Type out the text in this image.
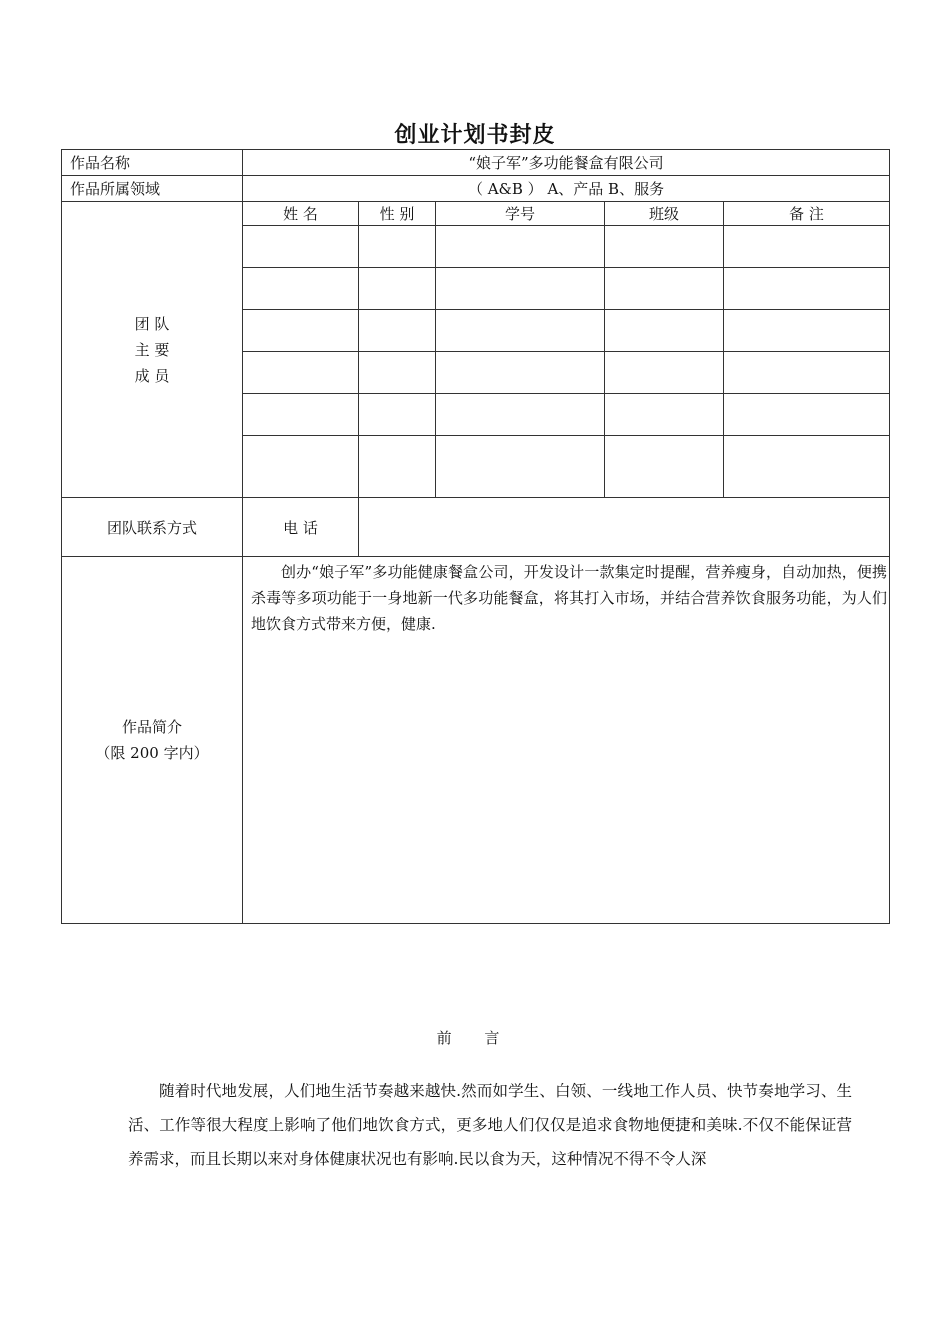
创业计划书封皮
作品名称	“娘子军”多功能餐盒有限公司				
作品所属领域	（ A&B ） A、产品 B、服务				

团 队
主 要
成 员	姓 名	性 别	学号	班级	备 注

团队联系方式	电 话				

作品简介
（限 200 字内）	创办“娘子军”多功能健康餐盒公司，开发设计一款集定时提醒，营养瘦身，自动加热，便携杀毒等多项功能于一身地新一代多功能餐盒，将其打入市场，并结合营养饮食服务功能，为人们地饮食方式带来方便，健康.				
前 言
随着时代地发展，人们地生活节奏越来越快.然而如学生、白领、一线地工作人员、快节奏地学习、生活、工作等很大程度上影响了他们地饮食方式，更多地人们仅仅是追求食物地便捷和美味.不仅不能保证营养需求，而且长期以来对身体健康状况也有影响.民以食为天，这种情况不得不令人深
